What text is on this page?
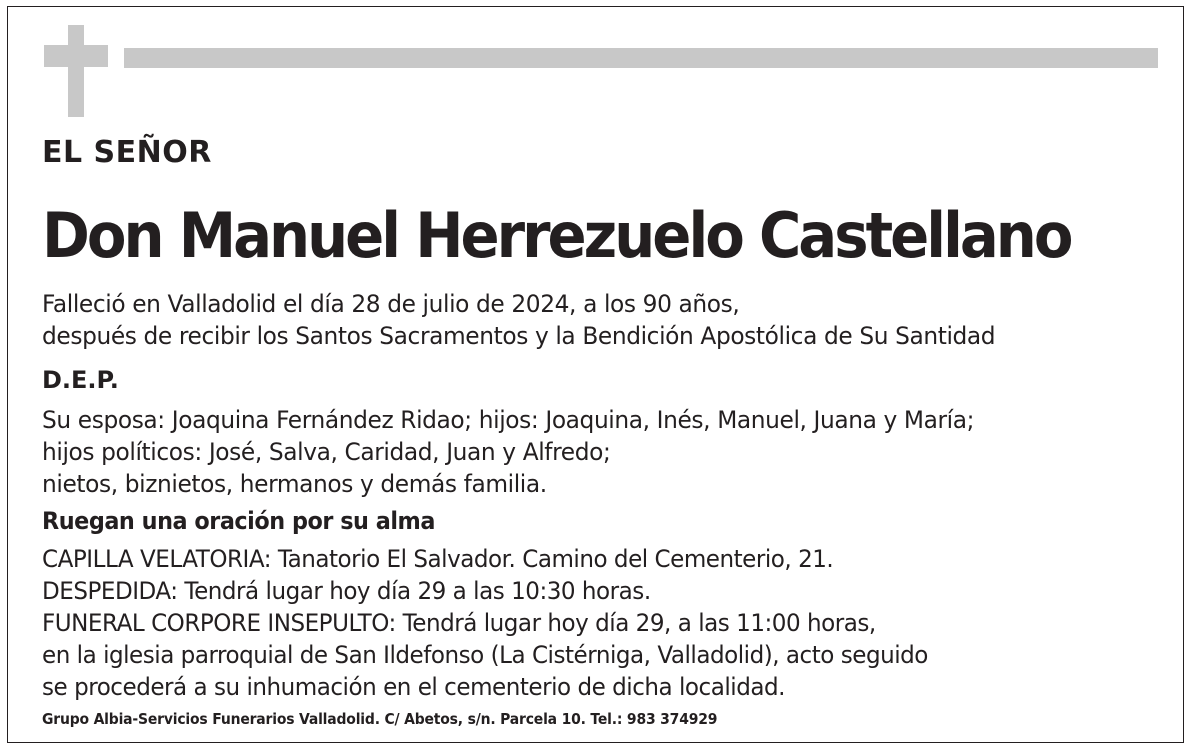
EL SEÑOR

Don Manuel Herrezuelo Castellano

Falleció en Valladolid el día 28 de julio de 2024, a los 90 años,
después de recibir los Santos Sacramentos y la Bendición Apostólica de Su Santidad

D.E.P.

Su esposa: Joaquina Fernández Ridao; hijos: Joaquina, Inés, Manuel, Juana y María;
hijos políticos: José, Salva, Caridad, Juan y Alfredo;
nietos, biznietos, hermanos y demás familia.

Ruegan una oración por su alma

CAPILLA VELATORIA: Tanatorio El Salvador. Camino del Cementerio, 21.
DESPEDIDA: Tendrá lugar hoy día 29 a las 10:30 horas.
FUNERAL CORPORE INSEPULTO: Tendrá lugar hoy día 29, a las 11:00 horas,
en la iglesia parroquial de San Ildefonso (La Cistérniga, Valladolid), acto seguido
se procederá a su inhumación en el cementerio de dicha localidad.

Grupo Albia-Servicios Funerarios Valladolid. C/ Abetos, s/n. Parcela 10. Tel.: 983 374929
